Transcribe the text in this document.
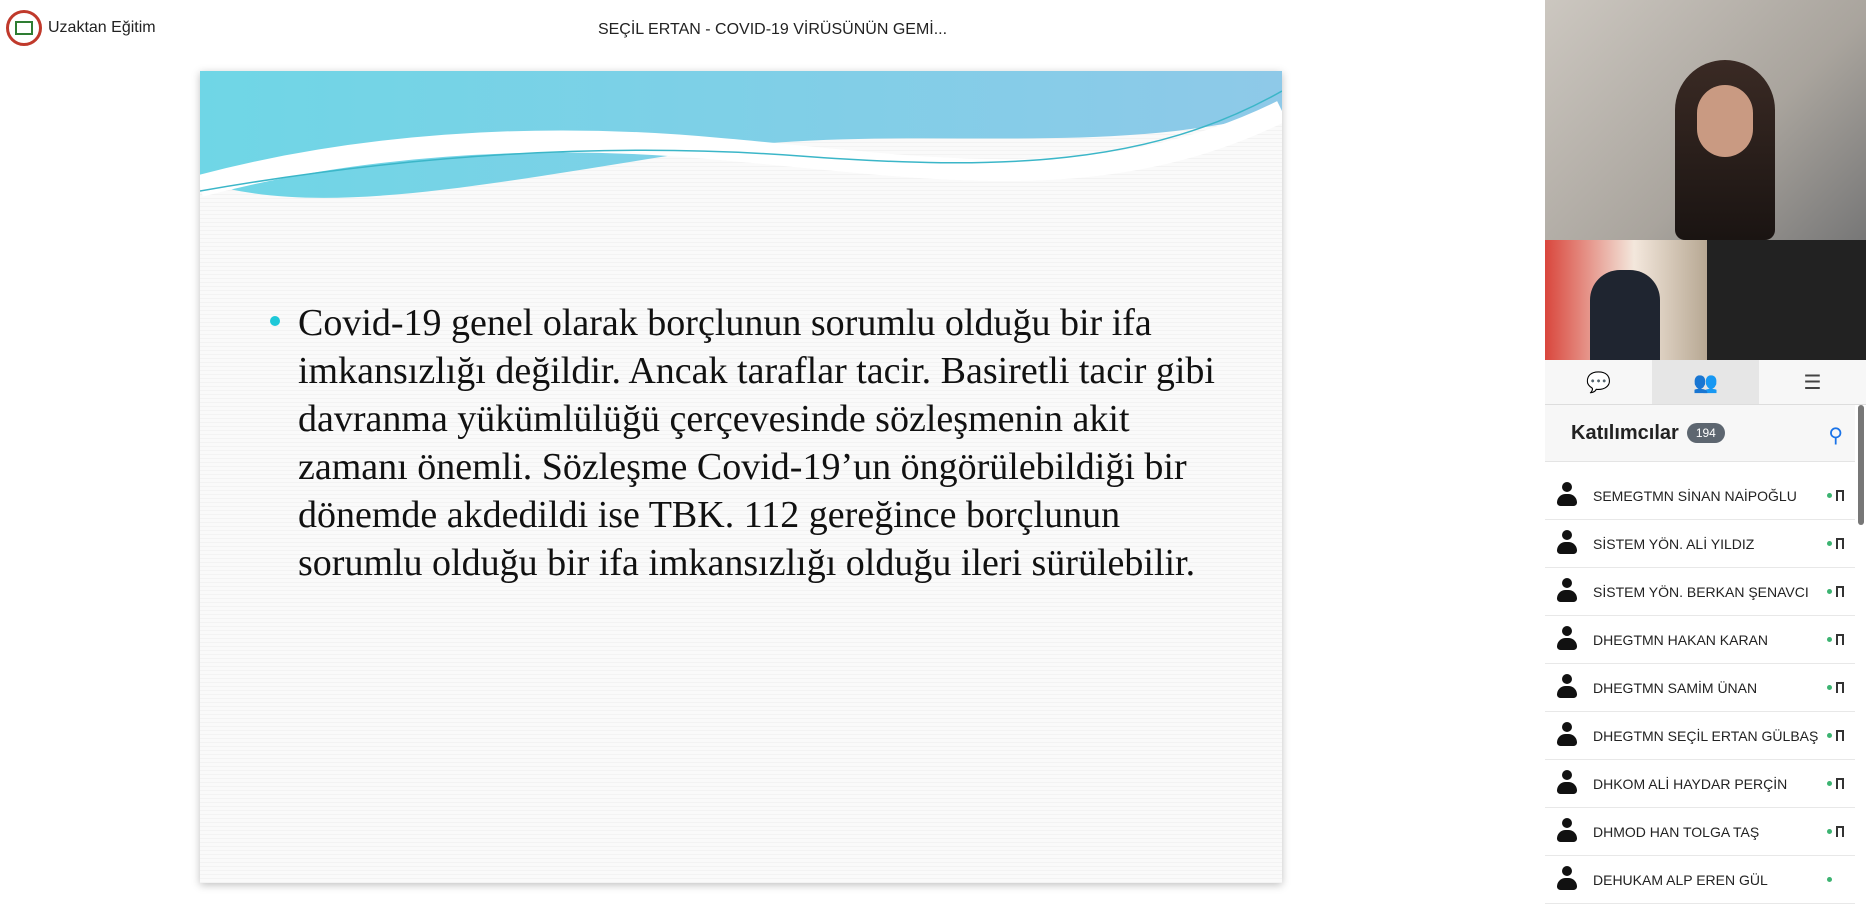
Uzaktan Eğitim	SEÇİL ERTAN - COVID-19 VİRÜSÜNÜN GEMİ...
Covid-19 genel olarak borçlunun sorumlu olduğu bir ifa imkansızlığı değildir. Ancak taraflar tacir. Basiretli tacir gibi davranma yükümlülüğü çerçevesinde sözleşmenin akit zamanı önemli. Sözleşme Covid-19’un öngörülebildiği bir dönemde akdedildi ise TBK. 112 gereğince borçlunun sorumlu olduğu bir ifa imkansızlığı olduğu ileri sürülebilir.
💬	👥	☰
Katılımcılar	194	⚲
SEMEGTMN SİNAN NAİPOĞLU
SİSTEM YÖN. ALİ YILDIZ
SİSTEM YÖN. BERKAN ŞENAVCI
DHEGTMN HAKAN KARAN
DHEGTMN SAMİM ÜNAN
DHEGTMN SEÇİL ERTAN GÜLBAŞ
DHKOM ALİ HAYDAR PERÇİN
DHMOD HAN TOLGA TAŞ
DEHUKAM ALP EREN GÜL
